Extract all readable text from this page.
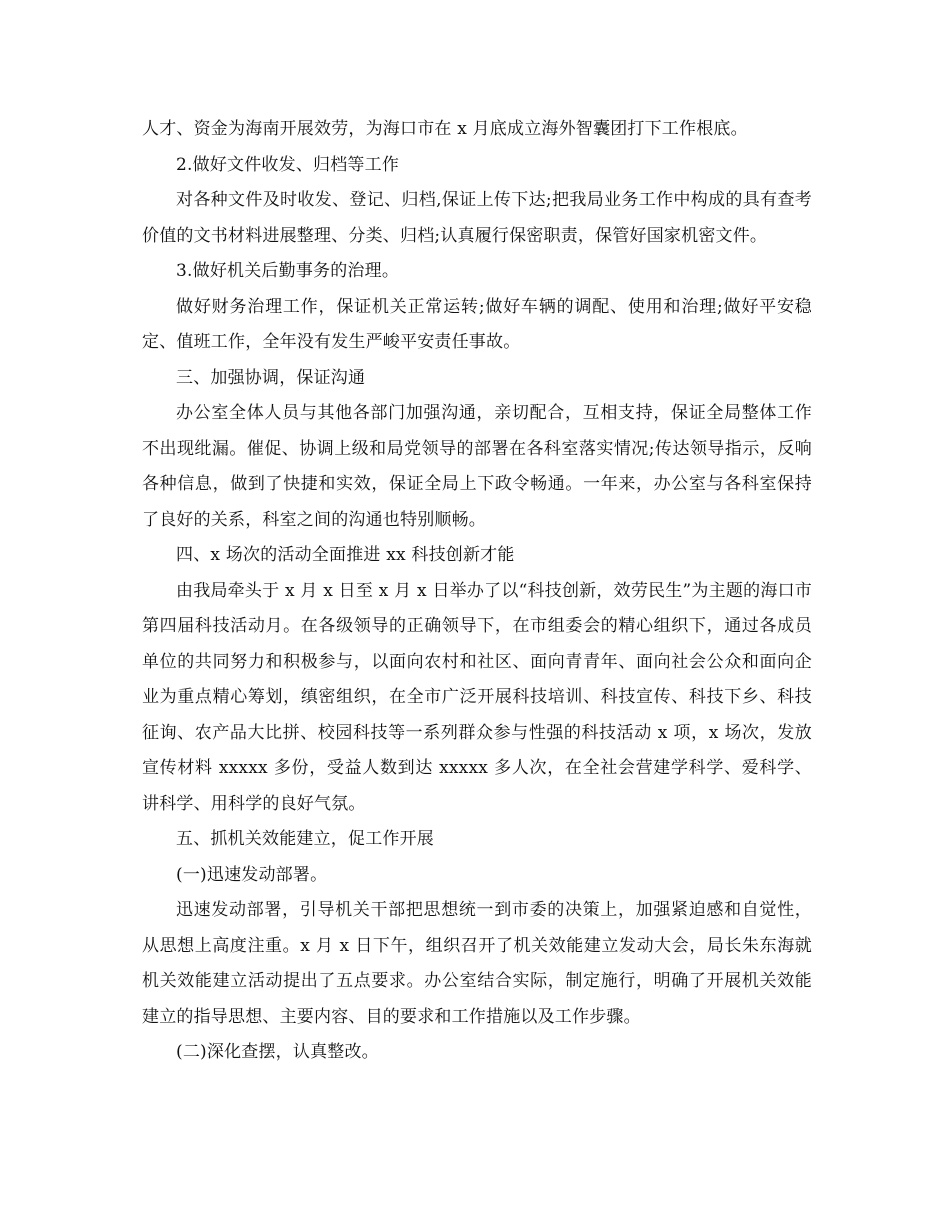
人才、资金为海南开展效劳，为海口市在 x 月底成立海外智囊团打下工作根底。

2.做好文件收发、归档等工作

对各种文件及时收发、登记、归档,保证上传下达;把我局业务工作中构成的具有查考价值的文书材料进展整理、分类、归档;认真履行保密职责，保管好国家机密文件。

3.做好机关后勤事务的治理。

做好财务治理工作，保证机关正常运转;做好车辆的调配、使用和治理;做好平安稳定、值班工作，全年没有发生严峻平安责任事故。

三、加强协调，保证沟通

办公室全体人员与其他各部门加强沟通，亲切配合，互相支持，保证全局整体工作不出现纰漏。催促、协调上级和局党领导的部署在各科室落实情况;传达领导指示，反响各种信息，做到了快捷和实效，保证全局上下政令畅通。一年来，办公室与各科室保持了良好的关系，科室之间的沟通也特别顺畅。

四、x 场次的活动全面推进 xx 科技创新才能

由我局牵头于 x 月 x 日至 x 月 x 日举办了以“科技创新，效劳民生”为主题的海口市第四届科技活动月。在各级领导的正确领导下，在市组委会的精心组织下，通过各成员单位的共同努力和积极参与，以面向农村和社区、面向青青年、面向社会公众和面向企业为重点精心筹划，缜密组织，在全市广泛开展科技培训、科技宣传、科技下乡、科技征询、农产品大比拼、校园科技等一系列群众参与性强的科技活动 x 项，x 场次，发放宣传材料 xxxxx 多份，受益人数到达 xxxxx 多人次，在全社会营建学科学、爱科学、讲科学、用科学的良好气氛。

五、抓机关效能建立，促工作开展

(一)迅速发动部署。

迅速发动部署，引导机关干部把思想统一到市委的决策上，加强紧迫感和自觉性，从思想上高度注重。x 月 x 日下午，组织召开了机关效能建立发动大会，局长朱东海就机关效能建立活动提出了五点要求。办公室结合实际，制定施行，明确了开展机关效能建立的指导思想、主要内容、目的要求和工作措施以及工作步骤。

(二)深化查摆，认真整改。
